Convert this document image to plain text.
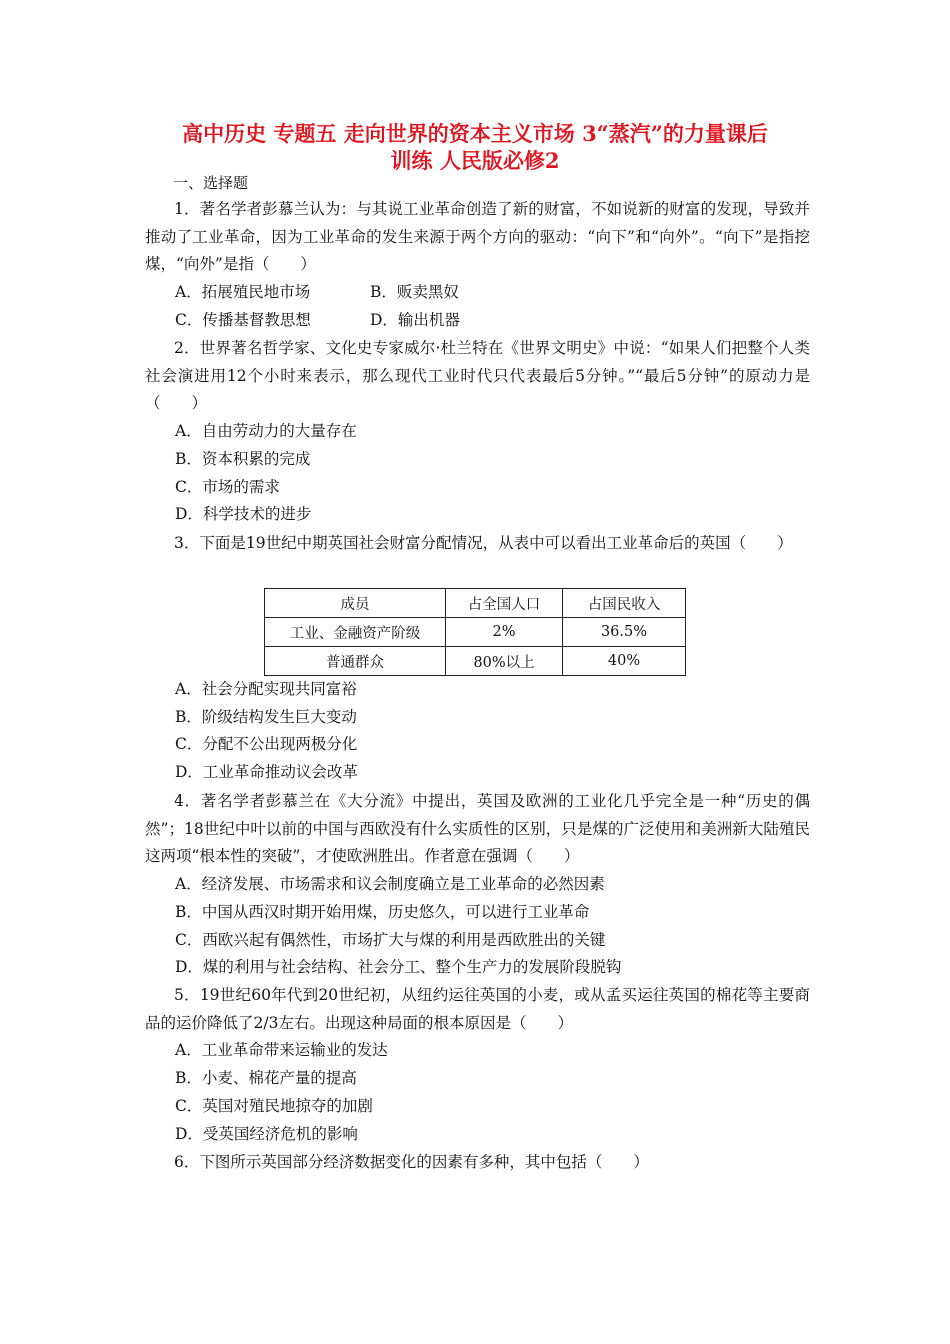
高中历史 专题五 走向世界的资本主义市场 3“蒸汽”的力量课后
训练 人民版必修2
一、选择题

1．著名学者彭慕兰认为：与其说工业革命创造了新的财富，不如说新的财富的发现，导致并推动了工业革命，因为工业革命的发生来源于两个方向的驱动：“向下”和“向外”。“向下”是指挖煤，“向外”是指（　　）

A．拓展殖民地市场	B．贩卖黑奴

C．传播基督教思想	D．输出机器

2．世界著名哲学家、文化史专家威尔·杜兰特在《世界文明史》中说：“如果人们把整个人类社会演进用12个小时来表示，那么现代工业时代只代表最后5分钟。”“最后5分钟”的原动力是（　　）

A．自由劳动力的大量存在

B．资本积累的完成

C．市场的需求

D．科学技术的进步

3．下面是19世纪中期英国社会财富分配情况，从表中可以看出工业革命后的英国（　　）

成员	占全国人口	占国民收入
工业、金融资产阶级	2%	36.5%
普通群众	80%以上	40%

A．社会分配实现共同富裕

B．阶级结构发生巨大变动

C．分配不公出现两极分化

D．工业革命推动议会改革

4．著名学者彭慕兰在《大分流》中提出，英国及欧洲的工业化几乎完全是一种“历史的偶然”；18世纪中叶以前的中国与西欧没有什么实质性的区别，只是煤的广泛使用和美洲新大陆殖民这两项“根本性的突破”，才使欧洲胜出。作者意在强调（　　）

A．经济发展、市场需求和议会制度确立是工业革命的必然因素

B．中国从西汉时期开始用煤，历史悠久，可以进行工业革命

C．西欧兴起有偶然性，市场扩大与煤的利用是西欧胜出的关键

D．煤的利用与社会结构、社会分工、整个生产力的发展阶段脱钩

5．19世纪60年代到20世纪初，从纽约运往英国的小麦，或从孟买运往英国的棉花等主要商品的运价降低了2/3左右。出现这种局面的根本原因是（　　）

A．工业革命带来运输业的发达

B．小麦、棉花产量的提高

C．英国对殖民地掠夺的加剧

D．受英国经济危机的影响

6．下图所示英国部分经济数据变化的因素有多种，其中包括（　　）
